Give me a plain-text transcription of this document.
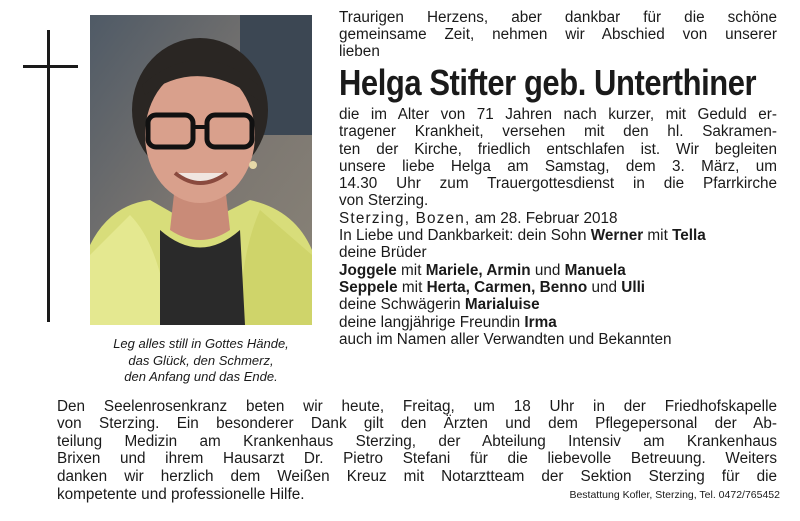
Leg alles still in Gottes Hände,
das Glück, den Schmerz,
den Anfang und das Ende.
Traurigen Herzens, aber dankbar für die schöne
gemeinsame Zeit, nehmen wir Abschied von unserer
lieben
Helga Stifter geb. Unterthiner
die im Alter von 71 Jahren nach kurzer, mit Geduld er-
tragener Krankheit, versehen mit den hl. Sakramen-
ten der Kirche, friedlich entschlafen ist. Wir begleiten
unsere liebe Helga am Samstag, dem 3. März, um
14.30 Uhr zum Trauergottesdienst in die Pfarrkirche
von Sterzing.
Sterzing, Bozen, am 28. Februar 2018
In Liebe und Dankbarkeit: dein Sohn Werner mit Tella
deine Brüder
Joggele mit Mariele, Armin und Manuela
Seppele mit Herta, Carmen, Benno und Ulli
deine Schwägerin Marialuise
deine langjährige Freundin Irma
auch im Namen aller Verwandten und Bekannten
Den Seelenrosenkranz beten wir heute, Freitag, um 18 Uhr in der Friedhofskapelle
von Sterzing. Ein besonderer Dank gilt den Ärzten und dem Pflegepersonal der Ab-
teilung Medizin am Krankenhaus Sterzing, der Abteilung Intensiv am Krankenhaus
Brixen und ihrem Hausarzt Dr. Pietro Stefani für die liebevolle Betreuung. Weiters
danken wir herzlich dem Weißen Kreuz mit Notarztteam der Sektion Sterzing für die
kompetente und professionelle Hilfe.	Bestattung Kofler, Sterzing, Tel. 0472/765452
